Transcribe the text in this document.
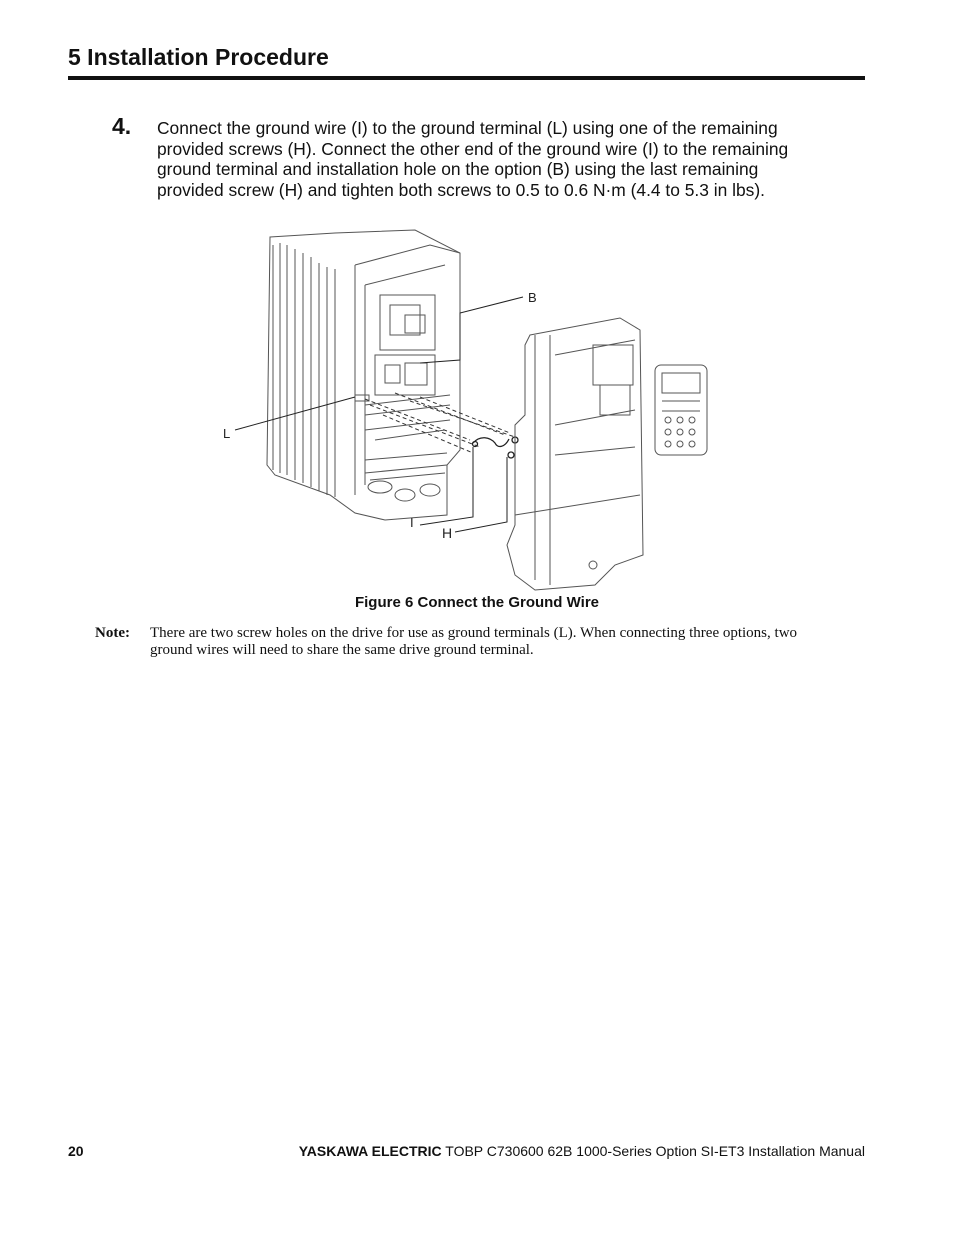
5 Installation Procedure
4. Connect the ground wire (I) to the ground terminal (L) using one of the remaining
provided screws (H). Connect the other end of the ground wire (I) to the remaining
ground terminal and installation hole on the option (B) using the last remaining
provided screw (H) and tighten both screws to 0.5 to 0.6 N·m (4.4 to 5.3 in lbs).
B
L
I
H
Figure 6 Connect the Ground Wire
Note: There are two screw holes on the drive for use as ground terminals (L). When connecting three options, two ground wires will need to share the same drive ground terminal.
20	YASKAWA ELECTRIC TOBP C730600 62B 1000-Series Option SI-ET3 Installation Manual
